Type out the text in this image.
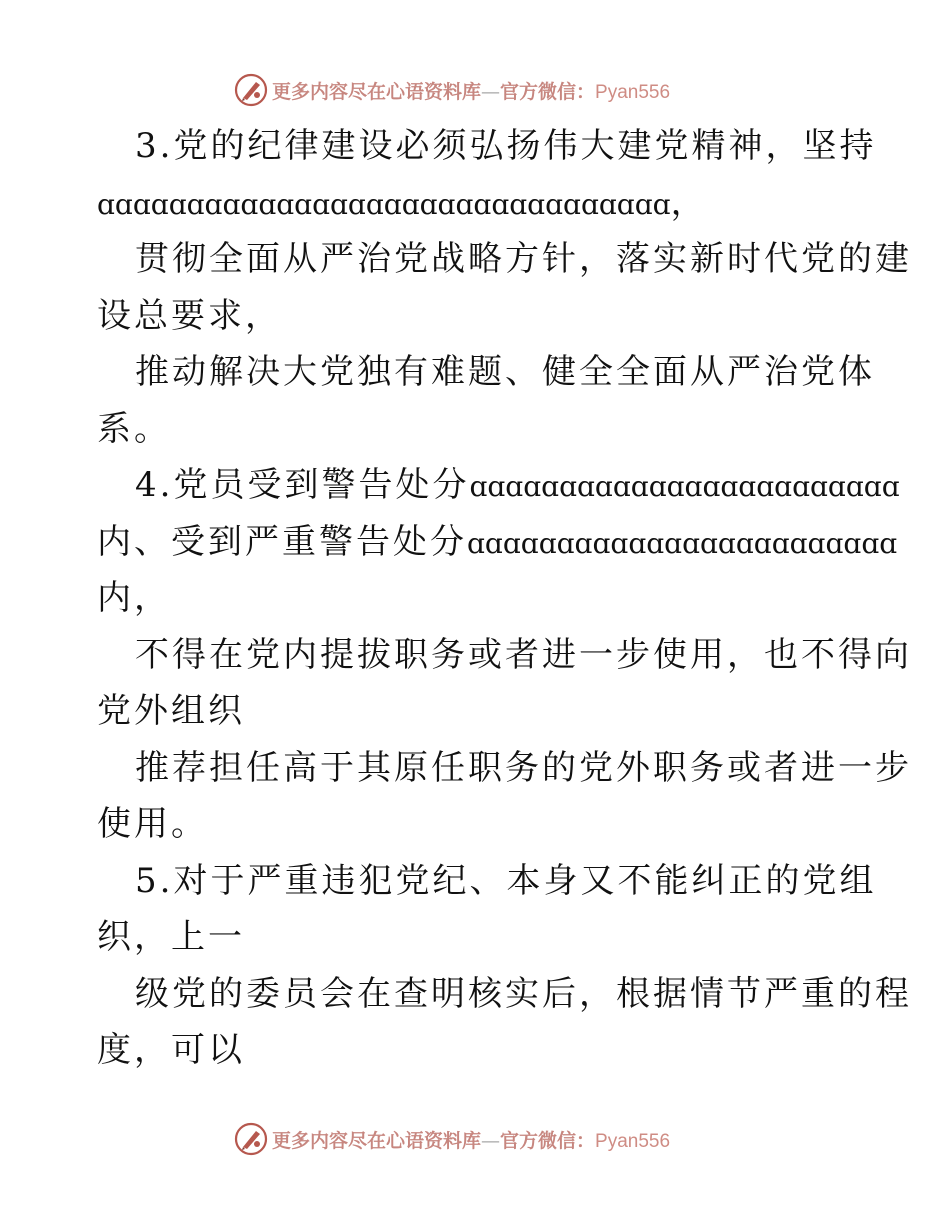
更多内容尽在心语资料库—官方微信：Pyan556
3.党的纪律建设必须弘扬伟大建党精神，坚持
ɑɑɑɑɑɑɑɑɑɑɑɑɑɑɑɑɑɑɑɑɑɑɑɑɑɑɑɑɑɑɑɑ，
贯彻全面从严治党战略方针，落实新时代党的建
设总要求，
推动解决大党独有难题、健全全面从严治党体
系。
4.党员受到警告处分ɑɑɑɑɑɑɑɑɑɑɑɑɑɑɑɑɑɑɑɑɑɑɑɑ
内、受到严重警告处分ɑɑɑɑɑɑɑɑɑɑɑɑɑɑɑɑɑɑɑɑɑɑɑɑ
内，
不得在党内提拔职务或者进一步使用，也不得向
党外组织
推荐担任高于其原任职务的党外职务或者进一步
使用。
5.对于严重违犯党纪、本身又不能纠正的党组
织，上一
级党的委员会在查明核实后，根据情节严重的程
度，可以
更多内容尽在心语资料库—官方微信：Pyan556
